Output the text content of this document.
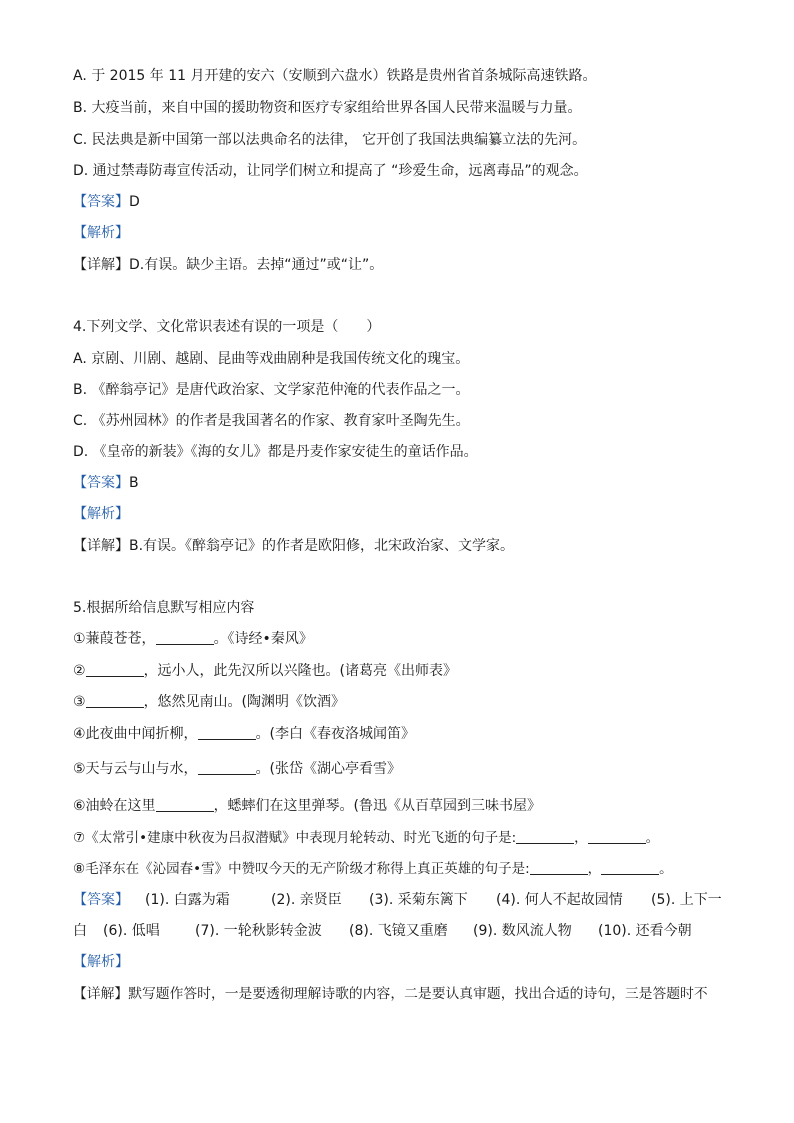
A. 于 2015 年 11 月开建的安六（安顺到六盘水）铁路是贵州省首条城际高速铁路。
B. 大疫当前，来自中国的援助物资和医疗专家组给世界各国人民带来温暖与力量。
C. 民法典是新中国第一部以法典命名的法律， 它开创了我国法典编纂立法的先河。
D. 通过禁毒防毒宣传活动，让同学们树立和提高了 “珍爱生命，远离毒品”的观念。
【答案】D
【解析】
【详解】D.有误。缺少主语。去掉“通过”或“让”。
4.下列文学、文化常识表述有误的一项是（　　）
A. 京剧、川剧、越剧、昆曲等戏曲剧种是我国传统文化的瑰宝。
B. 《醉翁亭记》是唐代政治家、文学家范仲淹的代表作品之一。
C. 《苏州园林》的作者是我国著名的作家、教育家叶圣陶先生。
D. 《皇帝的新装》《海的女儿》都是丹麦作家安徒生的童话作品。
【答案】B
【解析】
【详解】B.有误。《醉翁亭记》的作者是欧阳修，北宋政治家、文学家。
5.根据所给信息默写相应内容
①蒹葭苍苍，	。《诗经•秦风》
②	，远小人，此先汉所以兴隆也。(诸葛亮《出师表》
③	，悠然见南山。(陶渊明《饮酒》
④此夜曲中闻折柳，	。(李白《春夜洛城闻笛》
⑤天与云与山与水，	。(张岱《湖心亭看雪》
⑥油蛉在这里	，蟋蟀们在这里弹琴。(鲁迅《从百草园到三味书屋》
⑦《太常引•建康中秋夜为吕叔潜赋》中表现月轮转动、时光飞逝的句子是:	，	。
⑧毛泽东在《沁园春•雪》中赞叹今天的无产阶级才称得上真正英雄的句子是:	，	。
【答案】 (1). 白露为霜	(2). 亲贤臣 (3). 采菊东篱下 (4). 何人不起故园情 (5). 上下一
白 (6). 低唱	(7). 一轮秋影转金波 (8). 飞镜又重磨 (9). 数风流人物 (10). 还看今朝
【解析】
【详解】默写题作答时，一是要透彻理解诗歌的内容，二是要认真审题，找出合适的诗句，三是答题时不
